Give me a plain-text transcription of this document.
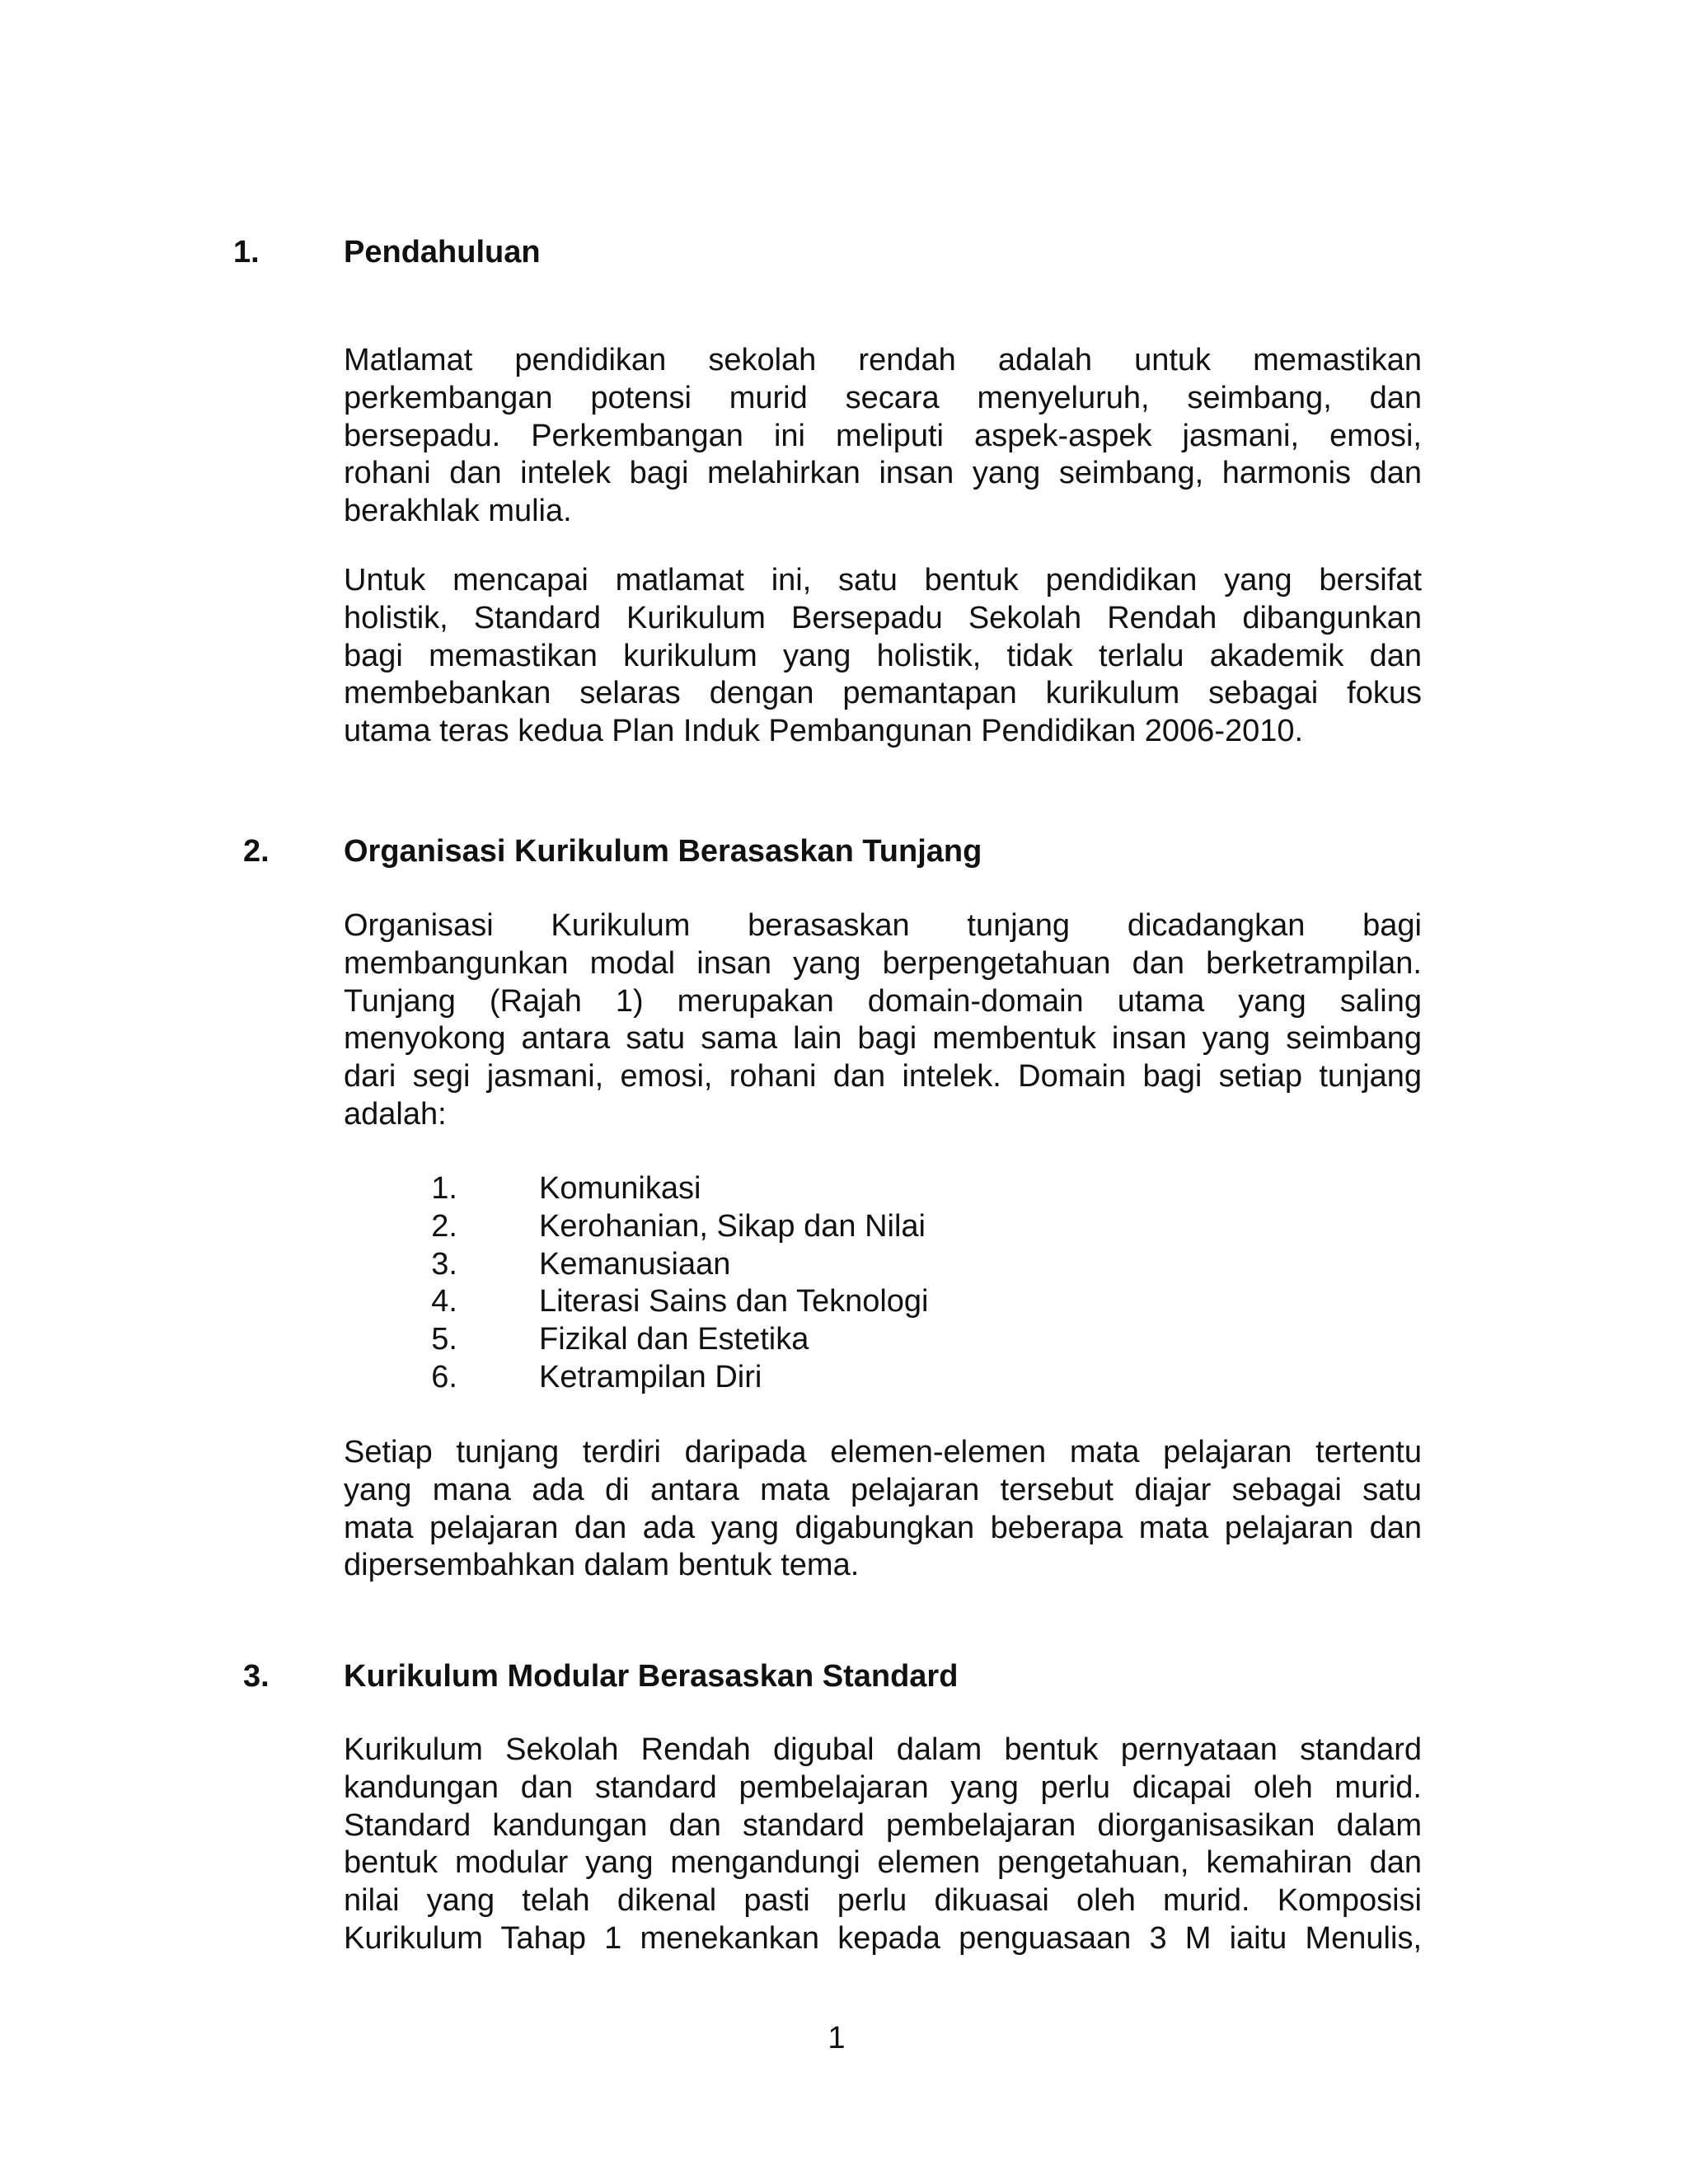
1.	Pendahuluan
Matlamat pendidikan sekolah rendah adalah untuk memastikan
perkembangan potensi murid secara menyeluruh, seimbang, dan
bersepadu. Perkembangan ini meliputi aspek-aspek jasmani, emosi,
rohani dan intelek bagi melahirkan insan yang seimbang, harmonis dan
berakhlak mulia.
Untuk mencapai matlamat ini, satu bentuk pendidikan yang bersifat
holistik, Standard Kurikulum Bersepadu Sekolah Rendah dibangunkan
bagi memastikan kurikulum yang holistik, tidak terlalu akademik dan
membebankan selaras dengan pemantapan kurikulum sebagai fokus
utama teras kedua Plan Induk Pembangunan Pendidikan 2006-2010.
2. Organisasi Kurikulum Berasaskan Tunjang
Organisasi Kurikulum berasaskan tunjang dicadangkan bagi
membangunkan modal insan yang berpengetahuan dan berketrampilan.
Tunjang (Rajah 1) merupakan domain-domain utama yang saling
menyokong antara satu sama lain bagi membentuk insan yang seimbang
dari segi jasmani, emosi, rohani dan intelek. Domain bagi setiap tunjang
adalah:
1.	Komunikasi
2.	Kerohanian, Sikap dan Nilai
3.	Kemanusiaan
4.	Literasi Sains dan Teknologi
5.	Fizikal dan Estetika
6.	Ketrampilan Diri
Setiap tunjang terdiri daripada elemen-elemen mata pelajaran tertentu
yang mana ada di antara mata pelajaran tersebut diajar sebagai satu
mata pelajaran dan ada yang digabungkan beberapa mata pelajaran dan
dipersembahkan dalam bentuk tema.
3. Kurikulum Modular Berasaskan Standard
Kurikulum Sekolah Rendah digubal dalam bentuk pernyataan standard
kandungan dan standard pembelajaran yang perlu dicapai oleh murid.
Standard kandungan dan standard pembelajaran diorganisasikan dalam
bentuk modular yang mengandungi elemen pengetahuan, kemahiran dan
nilai yang telah dikenal pasti perlu dikuasai oleh murid. Komposisi
Kurikulum Tahap 1 menekankan kepada penguasaan 3 M iaitu Menulis,
1
